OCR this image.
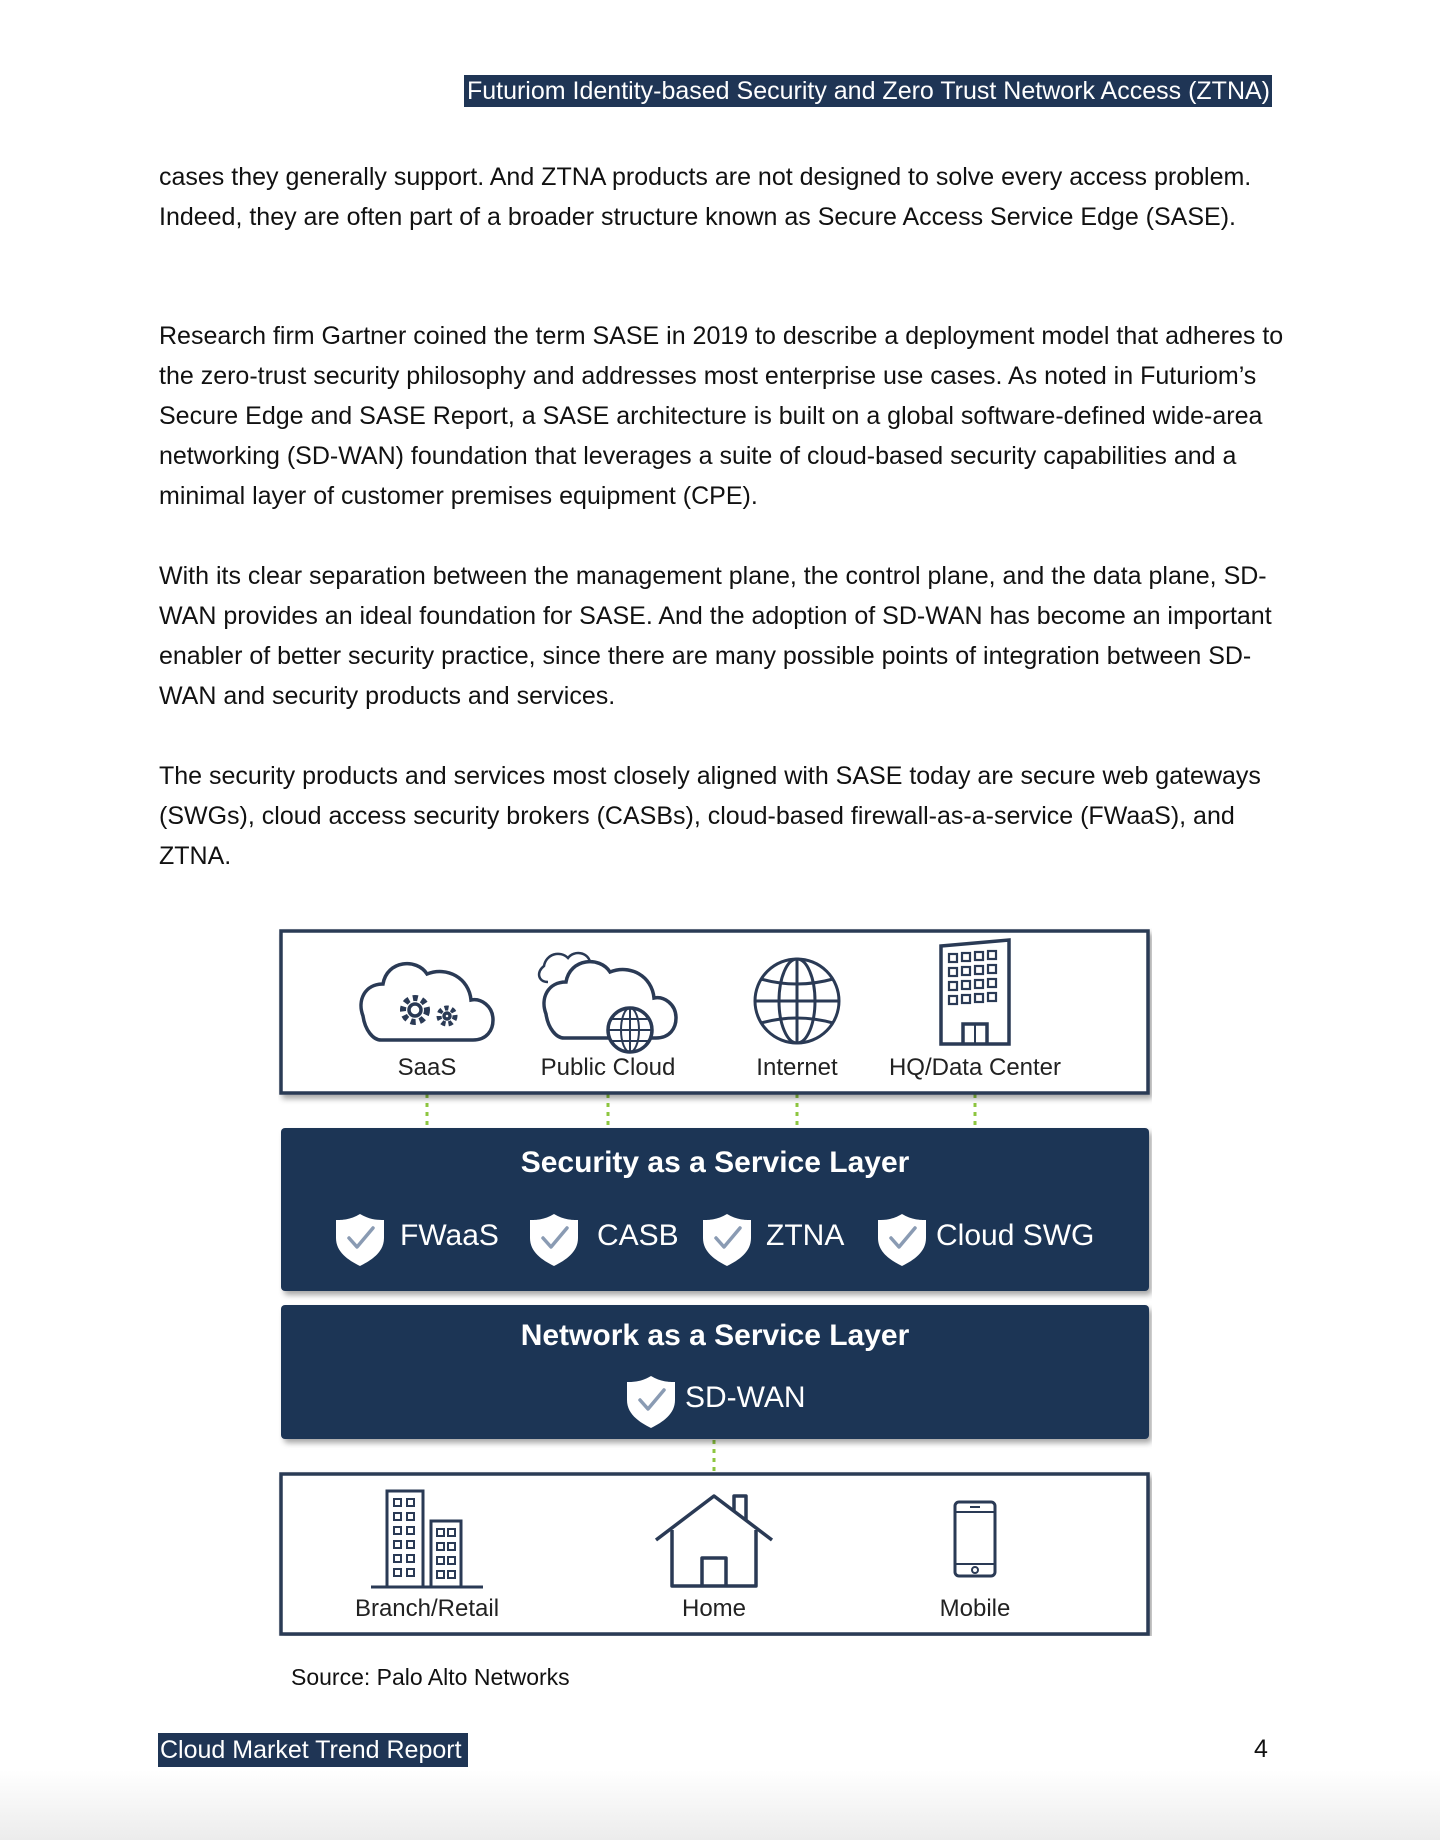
Futuriom Identity-based Security and Zero Trust Network Access (ZTNA)

cases they generally support. And ZTNA products are not designed to solve every access problem. Indeed, they are often part of a broader structure known as Secure Access Service Edge (SASE).

Research firm Gartner coined the term SASE in 2019 to describe a deployment model that adheres to the zero-trust security philosophy and addresses most enterprise use cases. As noted in Futuriom’s Secure Edge and SASE Report, a SASE architecture is built on a global software-defined wide-area networking (SD-WAN) foundation that leverages a suite of cloud-based security capabilities and a minimal layer of customer premises equipment (CPE).

With its clear separation between the management plane, the control plane, and the data plane, SD-WAN provides an ideal foundation for SASE. And the adoption of SD-WAN has become an important enabler of better security practice, since there are many possible points of integration between SD-WAN and security products and services.

The security products and services most closely aligned with SASE today are secure web gateways (SWGs), cloud access security brokers (CASBs), cloud-based firewall-as-a-service (FWaaS), and ZTNA.

SaaS	Public Cloud	Internet	HQ/Data Center
Security as a Service Layer
FWaaS	CASB	ZTNA	Cloud SWG
Network as a Service Layer
SD-WAN
Branch/Retail	Home	Mobile
Source: Palo Alto Networks
Cloud Market Trend Report	4
